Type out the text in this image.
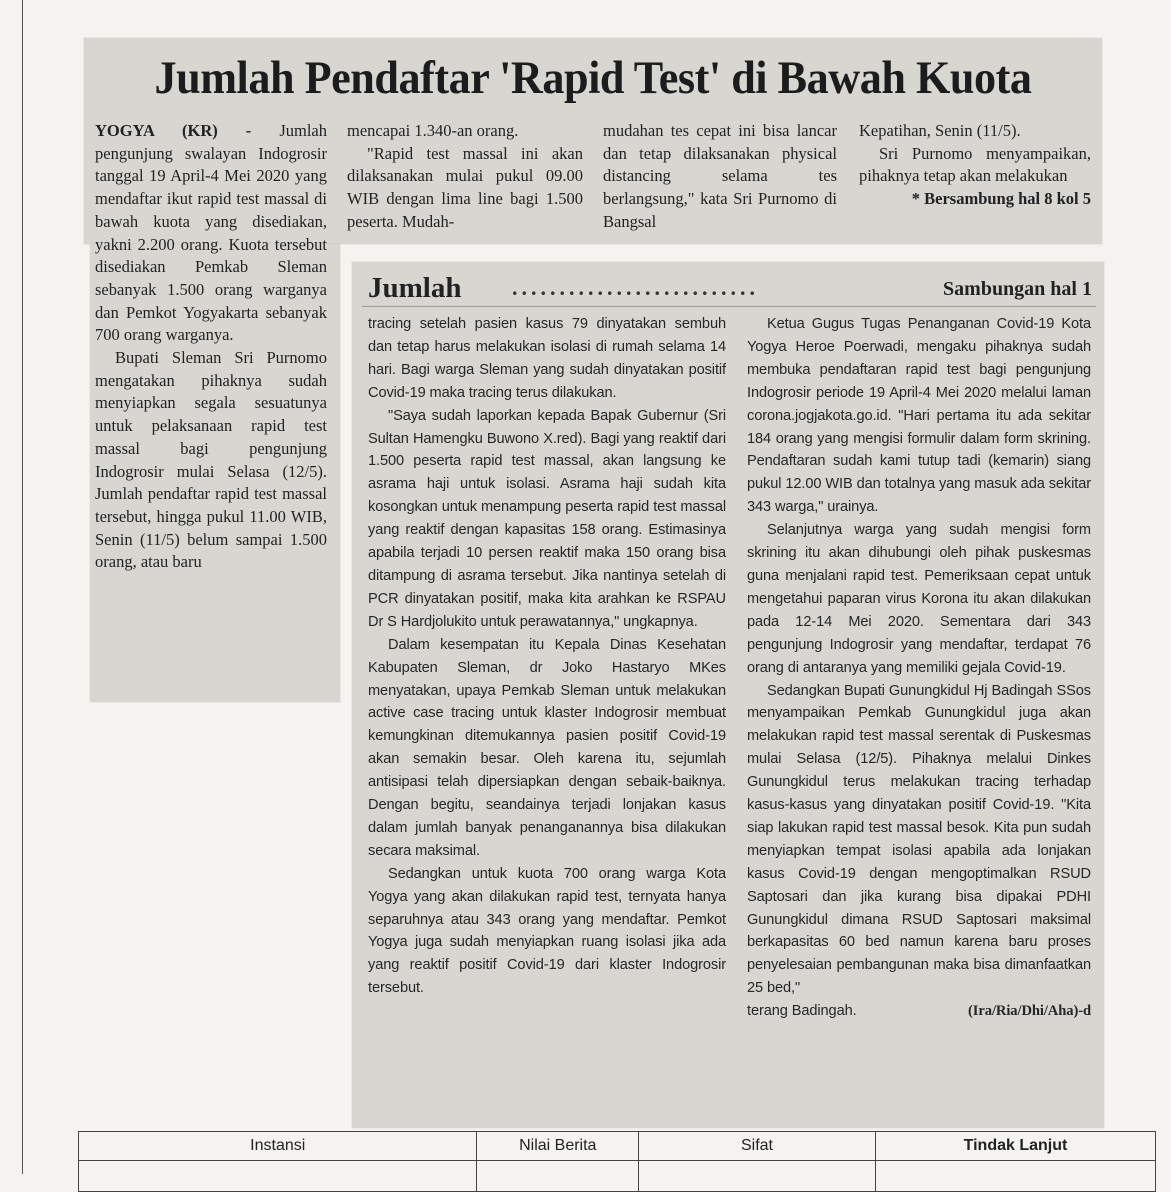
Jumlah Pendaftar 'Rapid Test' di Bawah Kuota

YOGYA (KR) - Jumlah pengunjung swalayan Indogrosir tanggal 19 April-4 Mei 2020 yang mendaftar ikut rapid test massal di bawah kuota yang disediakan, yakni 2.200 orang. Kuota tersebut disediakan Pemkab Sleman sebanyak 1.500 orang warganya dan Pemkot Yogyakarta sebanyak 700 orang warganya.

Bupati Sleman Sri Purnomo mengatakan pihaknya sudah menyiapkan segala sesuatunya untuk pelaksanaan rapid test massal bagi pengunjung Indogrosir mulai Selasa (12/5). Jumlah pendaftar rapid test massal tersebut, hingga pukul 11.00 WIB, Senin (11/5) belum sampai 1.500 orang, atau baru

mencapai 1.340-an orang.

"Rapid test massal ini akan dilaksanakan mulai pukul 09.00 WIB dengan lima line bagi 1.500 peserta. Mudah-

mudahan tes cepat ini bisa lancar dan tetap dilaksanakan physical distancing selama tes berlangsung," kata Sri Purnomo di Bangsal

Kepatihan, Senin (11/5).

Sri Purnomo menyampaikan, pihaknya tetap akan melakukan

* Bersambung hal 8 kol 5
Jumlah ..........................	Sambungan hal 1

tracing setelah pasien kasus 79 dinyatakan sembuh dan tetap harus melakukan isolasi di rumah selama 14 hari. Bagi warga Sleman yang sudah dinyatakan positif Covid-19 maka tracing terus dilakukan.

"Saya sudah laporkan kepada Bapak Gubernur (Sri Sultan Hamengku Buwono X.red). Bagi yang reaktif dari 1.500 peserta rapid test massal, akan langsung ke asrama haji untuk isolasi. Asrama haji sudah kita kosongkan untuk menampung peserta rapid test massal yang reaktif dengan kapasitas 158 orang. Estimasinya apabila terjadi 10 persen reaktif maka 150 orang bisa ditampung di asrama tersebut. Jika nantinya setelah di PCR dinyatakan positif, maka kita arahkan ke RSPAU Dr S Hardjolukito untuk perawatannya," ungkapnya.

Dalam kesempatan itu Kepala Dinas Kesehatan Kabupaten Sleman, dr Joko Hastaryo MKes menyatakan, upaya Pemkab Sleman untuk melakukan active case tracing untuk klaster Indogrosir membuat kemungkinan ditemukannya pasien positif Covid-19 akan semakin besar. Oleh karena itu, sejumlah antisipasi telah dipersiapkan dengan sebaik-baiknya. Dengan begitu, seandainya terjadi lonjakan kasus dalam jumlah banyak penanganannya bisa dilakukan secara maksimal.

Sedangkan untuk kuota 700 orang warga Kota Yogya yang akan dilakukan rapid test, ternyata hanya separuhnya atau 343 orang yang mendaftar. Pemkot Yogya juga sudah menyiapkan ruang isolasi jika ada yang reaktif positif Covid-19 dari klaster Indogrosir tersebut.

Ketua Gugus Tugas Penanganan Covid-19 Kota Yogya Heroe Poerwadi, mengaku pihaknya sudah membuka pendaftaran rapid test bagi pengunjung Indogrosir periode 19 April-4 Mei 2020 melalui laman corona.jogjakota.go.id. "Hari pertama itu ada sekitar 184 orang yang mengisi formulir dalam form skrining. Pendaftaran sudah kami tutup tadi (kemarin) siang pukul 12.00 WIB dan totalnya yang masuk ada sekitar 343 warga," urainya.

Selanjutnya warga yang sudah mengisi form skrining itu akan dihubungi oleh pihak puskesmas guna menjalani rapid test. Pemeriksaan cepat untuk mengetahui paparan virus Korona itu akan dilakukan pada 12-14 Mei 2020. Sementara dari 343 pengunjung Indogrosir yang mendaftar, terdapat 76 orang di antaranya yang memiliki gejala Covid-19.

Sedangkan Bupati Gunungkidul Hj Badingah SSos menyampaikan Pemkab Gunungkidul juga akan melakukan rapid test massal serentak di Puskesmas mulai Selasa (12/5). Pihaknya melalui Dinkes Gunungkidul terus melakukan tracing terhadap kasus-kasus yang dinyatakan positif Covid-19. "Kita siap lakukan rapid test massal besok. Kita pun sudah menyiapkan tempat isolasi apabila ada lonjakan kasus Covid-19 dengan mengoptimalkan RSUD Saptosari dan jika kurang bisa dipakai PDHI Gunungkidul dimana RSUD Saptosari maksimal berkapasitas 60 bed namun karena baru proses penyelesaian pembangunan maka bisa dimanfaatkan 25 bed,"

terang Badingah.	(Ira/Ria/Dhi/Aha)-d

Instansi	Nilai Berita	Sifat	Tindak Lanjut
